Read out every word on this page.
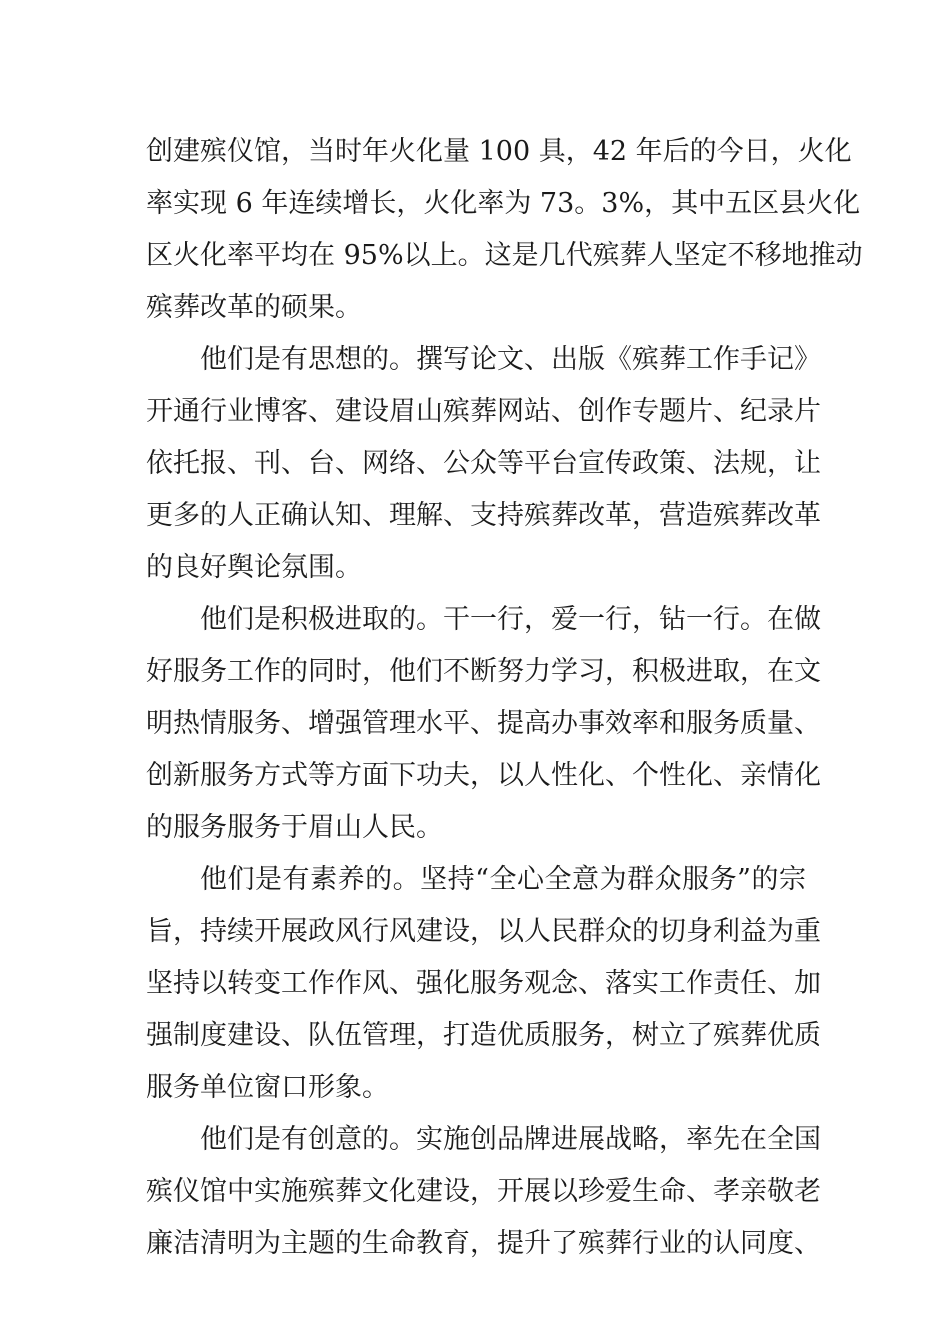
创建殡仪馆，当时年火化量 100 具，42 年后的今日，火化
率实现 6 年连续增长，火化率为 73。3%，其中五区县火化
区火化率平均在 95%以上。这是几代殡葬人坚定不移地推动
殡葬改革的硕果。
他们是有思想的。撰写论文、出版《殡葬工作手记》
开通行业博客、建设眉山殡葬网站、创作专题片、纪录片
依托报、刊、台、网络、公众等平台宣传政策、法规，让
更多的人正确认知、理解、支持殡葬改革，营造殡葬改革
的良好舆论氛围。
他们是积极进取的。干一行，爱一行，钻一行。在做
好服务工作的同时，他们不断努力学习，积极进取，在文
明热情服务、增强管理水平、提高办事效率和服务质量、
创新服务方式等方面下功夫，以人性化、个性化、亲情化
的服务服务于眉山人民。
他们是有素养的。坚持“全心全意为群众服务”的宗
旨，持续开展政风行风建设，以人民群众的切身利益为重
坚持以转变工作作风、强化服务观念、落实工作责任、加
强制度建设、队伍管理，打造优质服务，树立了殡葬优质
服务单位窗口形象。
他们是有创意的。实施创品牌进展战略，率先在全国
殡仪馆中实施殡葬文化建设，开展以珍爱生命、孝亲敬老
廉洁清明为主题的生命教育，提升了殡葬行业的认同度、
